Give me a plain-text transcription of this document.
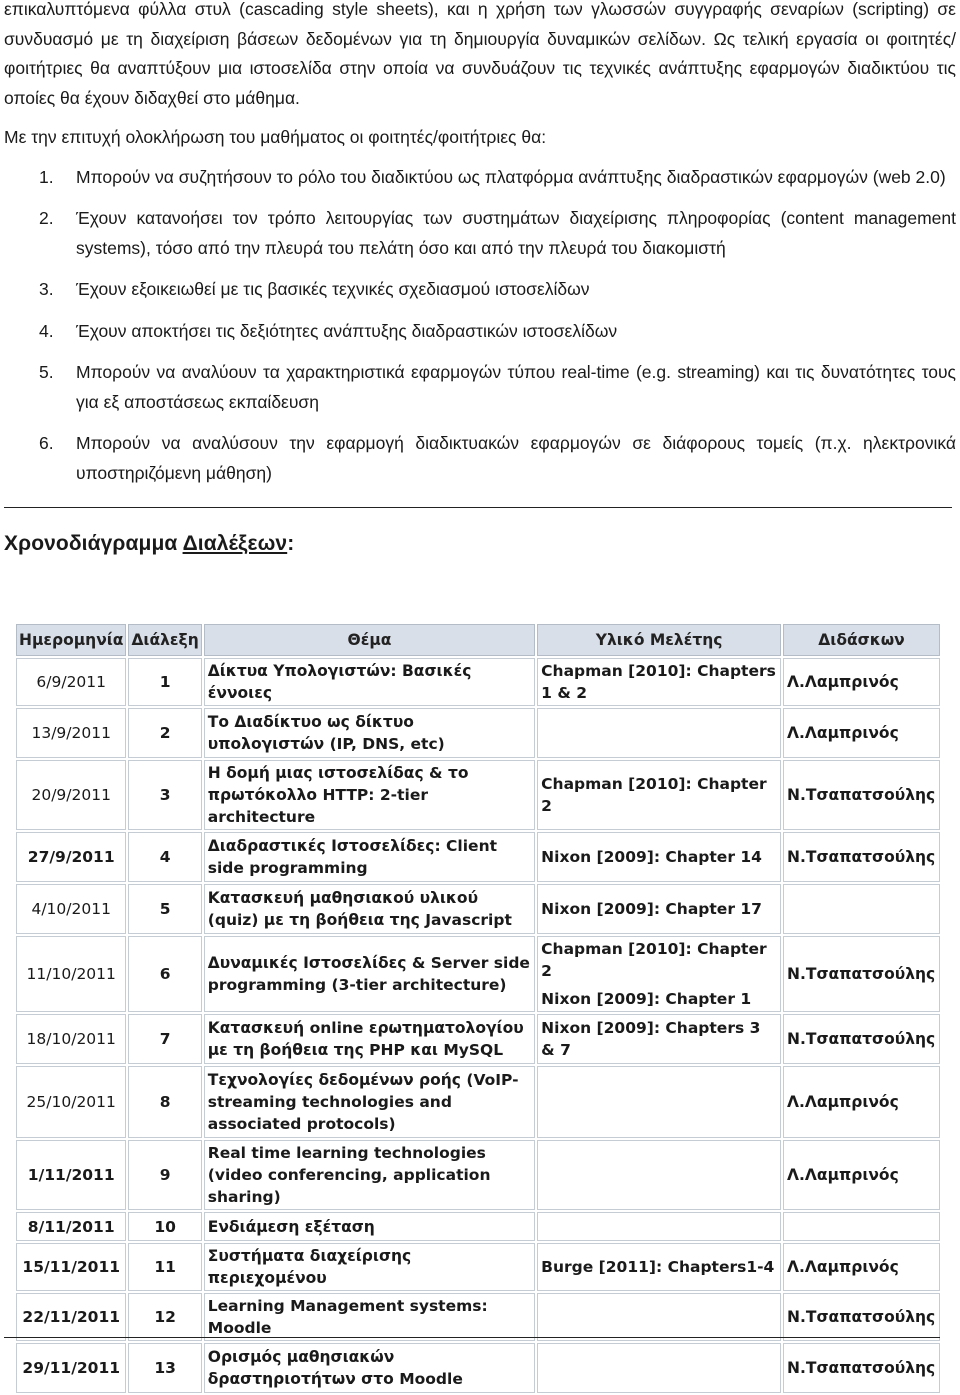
επικαλυπτόμενα φύλλα στυλ (cascading style sheets), και η χρήση των γλωσσών συγγραφής σεναρίων (scripting) σε συνδυασμό με τη διαχείριση βάσεων δεδομένων για τη δημιουργία δυναμικών σελίδων. Ως τελική εργασία οι φοιτητές/φοιτήτριες θα αναπτύξουν μια ιστοσελίδα στην οποία να συνδυάζουν τις τεχνικές ανάπτυξης εφαρμογών διαδικτύου τις οποίες θα έχουν διδαχθεί στο μάθημα.

Με την επιτυχή ολοκλήρωση του μαθήματος οι φοιτητές/φοιτήτριες θα:

1. Μπορούν να συζητήσουν το ρόλο του διαδικτύου ως πλατφόρμα ανάπτυξης διαδραστικών εφαρμογών (web 2.0)
2. Έχουν κατανοήσει τον τρόπο λειτουργίας των συστημάτων διαχείρισης πληροφορίας (content management systems), τόσο από την πλευρά του πελάτη όσο και από την πλευρά του διακομιστή
3. Έχουν εξοικειωθεί με τις βασικές τεχνικές σχεδιασμού ιστοσελίδων
4. Έχουν αποκτήσει τις δεξιότητες ανάπτυξης διαδραστικών ιστοσελίδων
5. Μπορούν να αναλύουν τα χαρακτηριστικά εφαρμογών τύπου real-time (e.g. streaming) και τις δυνατότητες τους για εξ αποστάσεως εκπαίδευση
6. Μπορούν να αναλύσουν την εφαρμογή διαδικτυακών εφαρμογών σε διάφορους τομείς (π.χ. ηλεκτρονικά υποστηριζόμενη μάθηση)
Χρονοδιάγραμμα Διαλέξεων:
Ημερομηνία	Διάλεξη	Θέμα	Υλικό Μελέτης	Διδάσκων
6/9/2011	1	Δίκτυα Υπολογιστών: Βασικές έννοιες	Chapman [2010]: Chapters 1 & 2	Λ.Λαμπρινός
13/9/2011	2	Το Διαδίκτυο ως δίκτυο υπολογιστών (IP, DNS, etc)		Λ.Λαμπρινός
20/9/2011	3	Η δομή μιας ιστοσελίδας & το πρωτόκολλο HTTP: 2-tier architecture	Chapman [2010]: Chapter 2	Ν.Τσαπατσούλης
27/9/2011	4	Διαδραστικές Ιστοσελίδες: Client side programming	Nixon [2009]: Chapter 14	Ν.Τσαπατσούλης
4/10/2011	5	Κατασκευή μαθησιακού υλικού (quiz) με τη βοήθεια της Javascript	Nixon [2009]: Chapter 17	

11/10/2011	6	Δυναμικές Ιστοσελίδες & Server side programming (3-tier architecture)	Chapman [2010]: Chapter 2
Nixon [2009]: Chapter 1	Ν.Τσαπατσούλης
18/10/2011	7	Κατασκευή online ερωτηματολογίου με τη βοήθεια της PHP και MySQL	Nixon [2009]: Chapters 3 & 7	Ν.Τσαπατσούλης
25/10/2011	8	Τεχνολογίες δεδομένων ροής (VoIP-streaming technologies and associated protocols)		Λ.Λαμπρινός
1/11/2011	9	Real time learning technologies (video conferencing, application sharing)		Λ.Λαμπρινός
8/11/2011	10	Ενδιάμεση εξέταση	

15/11/2011	11	Συστήματα διαχείρισης περιεχομένου	Burge [2011]: Chapters1-4	Λ.Λαμπρινός
22/11/2011	12	Learning Management systems: Moodle		Ν.Τσαπατσούλης
29/11/2011	13	Ορισμός μαθησιακών δραστηριοτήτων στο Moodle		Ν.Τσαπατσούλης
